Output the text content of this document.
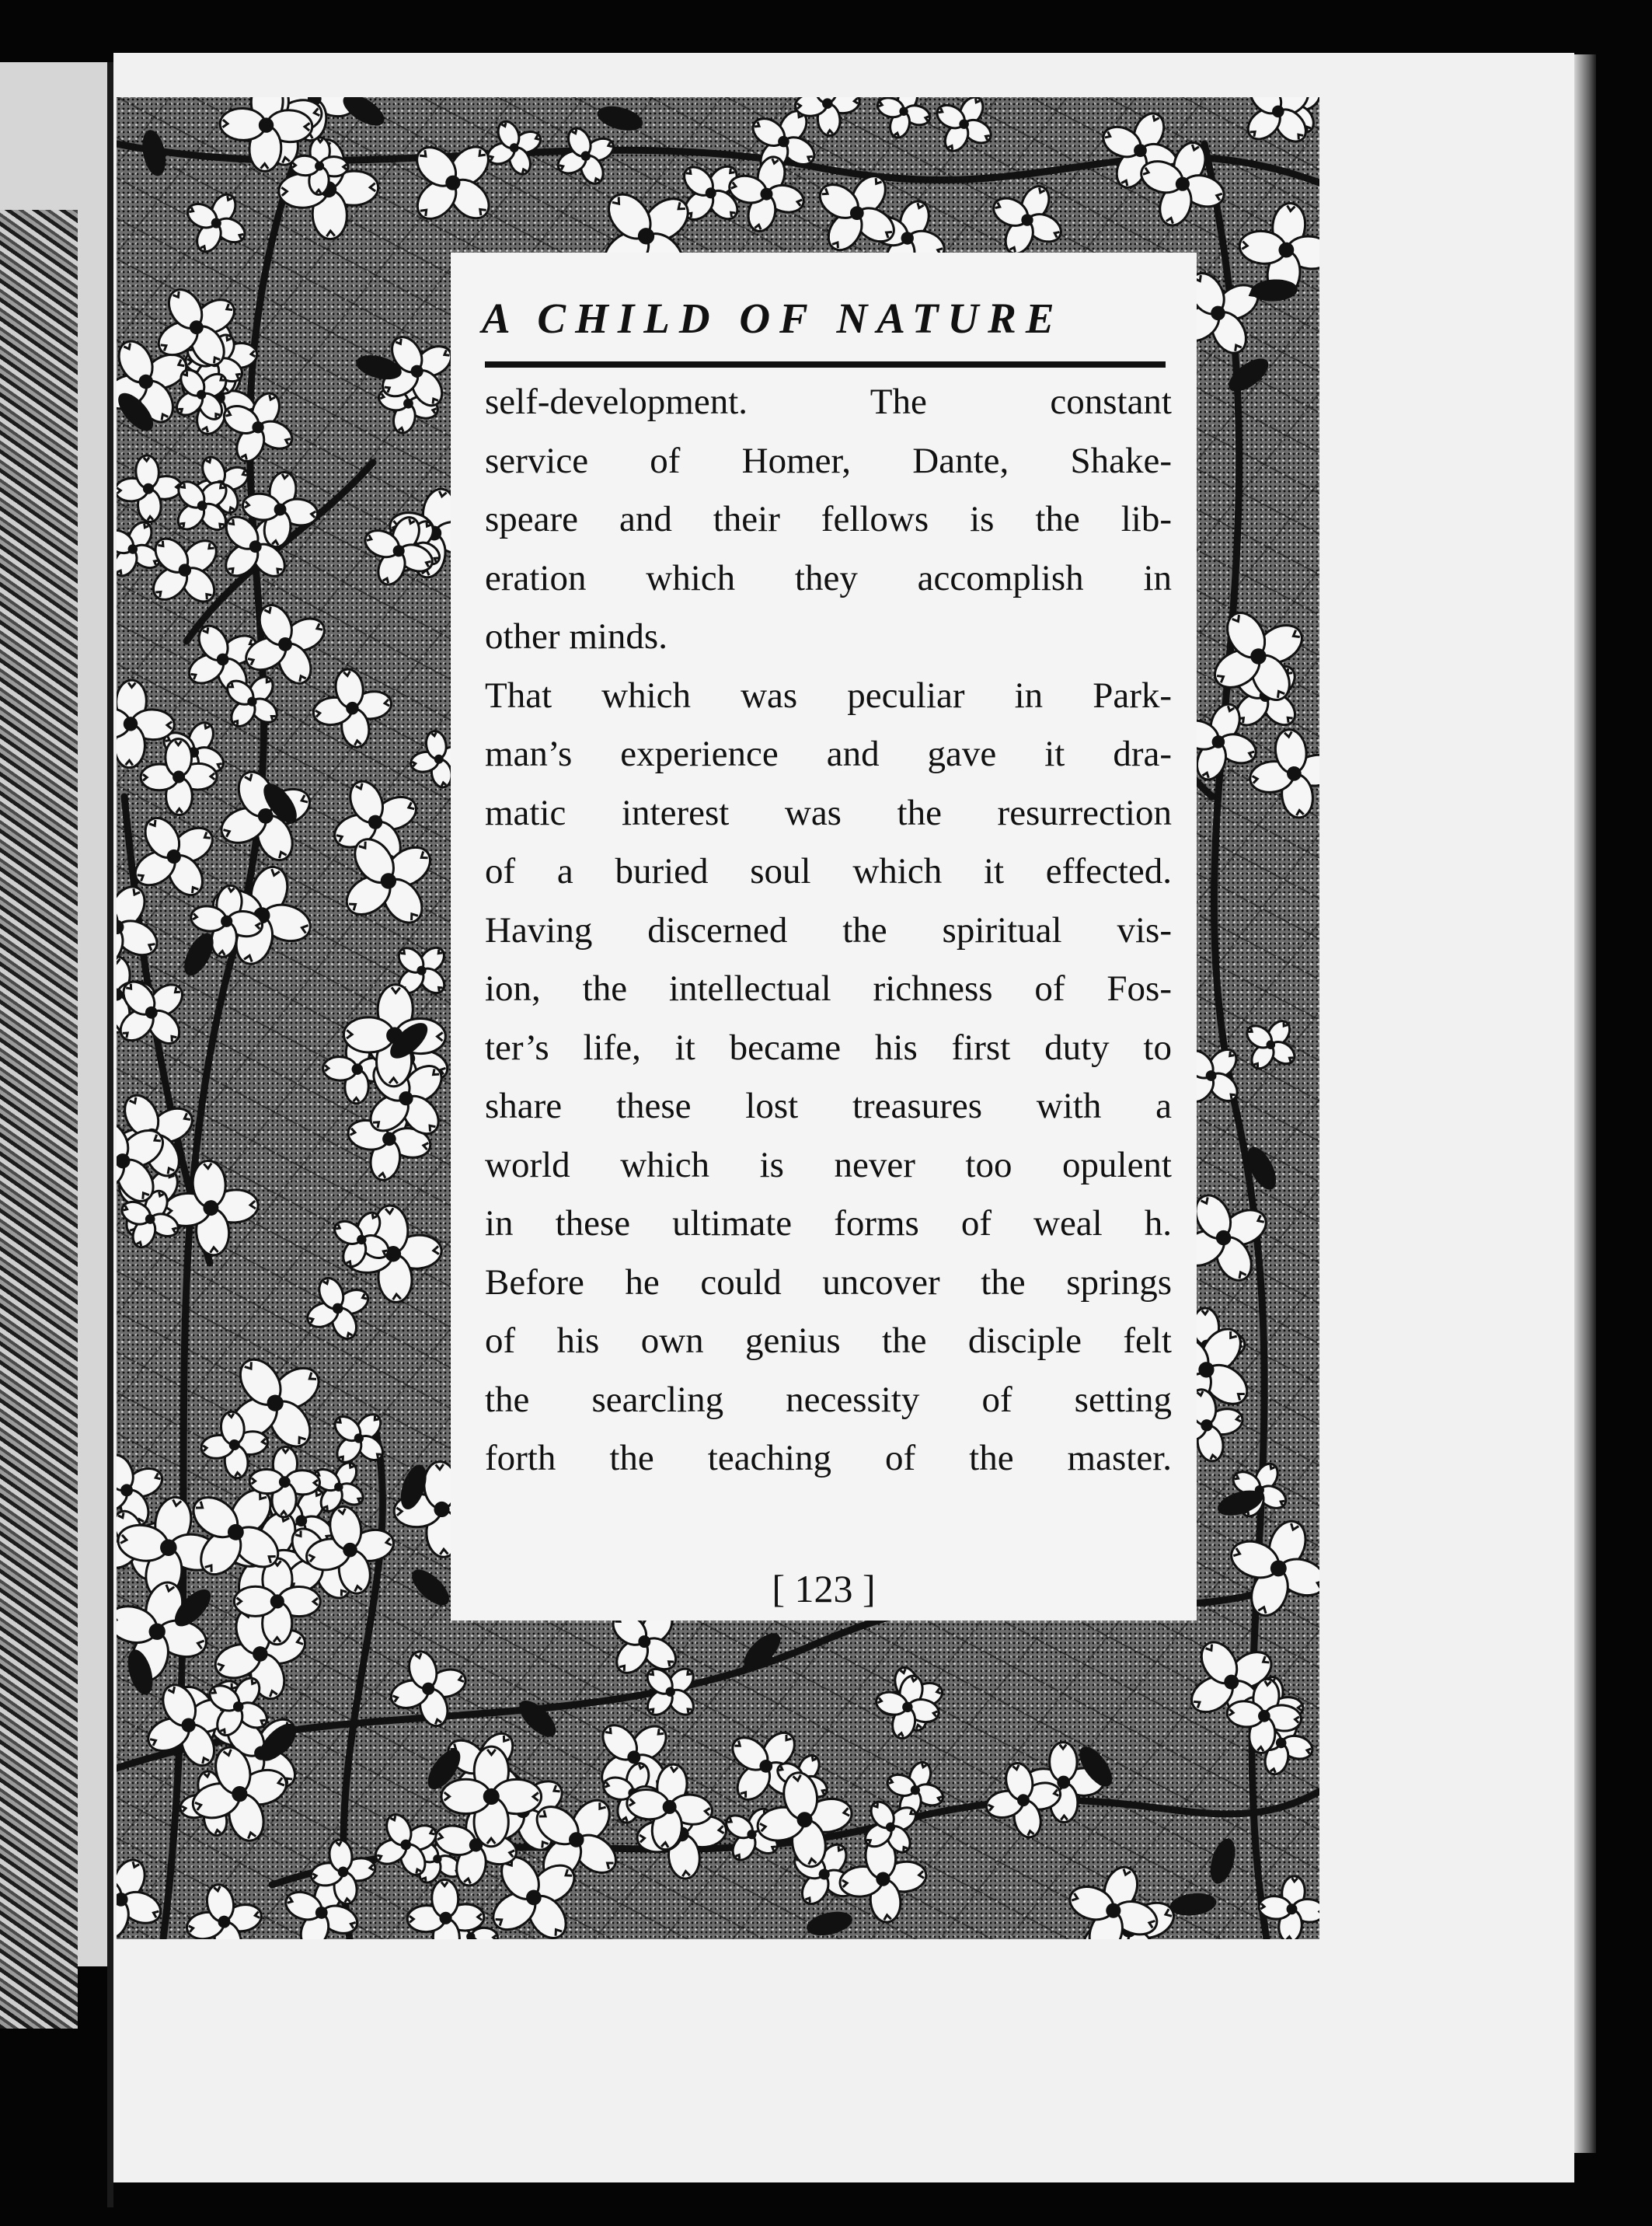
A CHILD OF NATURE
self-development. The constant
service of Homer, Dante, Shake-
speare and their fellows is the lib-
eration which they accomplish in
other minds.
That which was peculiar in Park-
man’s experience and gave it dra-
matic interest was the resurrection
of a buried soul which it effected.
Having discerned the spiritual vis-
ion, the intellectual richness of Fos-
ter’s life, it became his first duty to
share these lost treasures with a
world which is never too opulent
in these ultimate forms of weal h.
Before he could uncover the springs
of his own genius the disciple felt
the searcling necessity of setting
forth the teaching of the master.
[ 123 ]
